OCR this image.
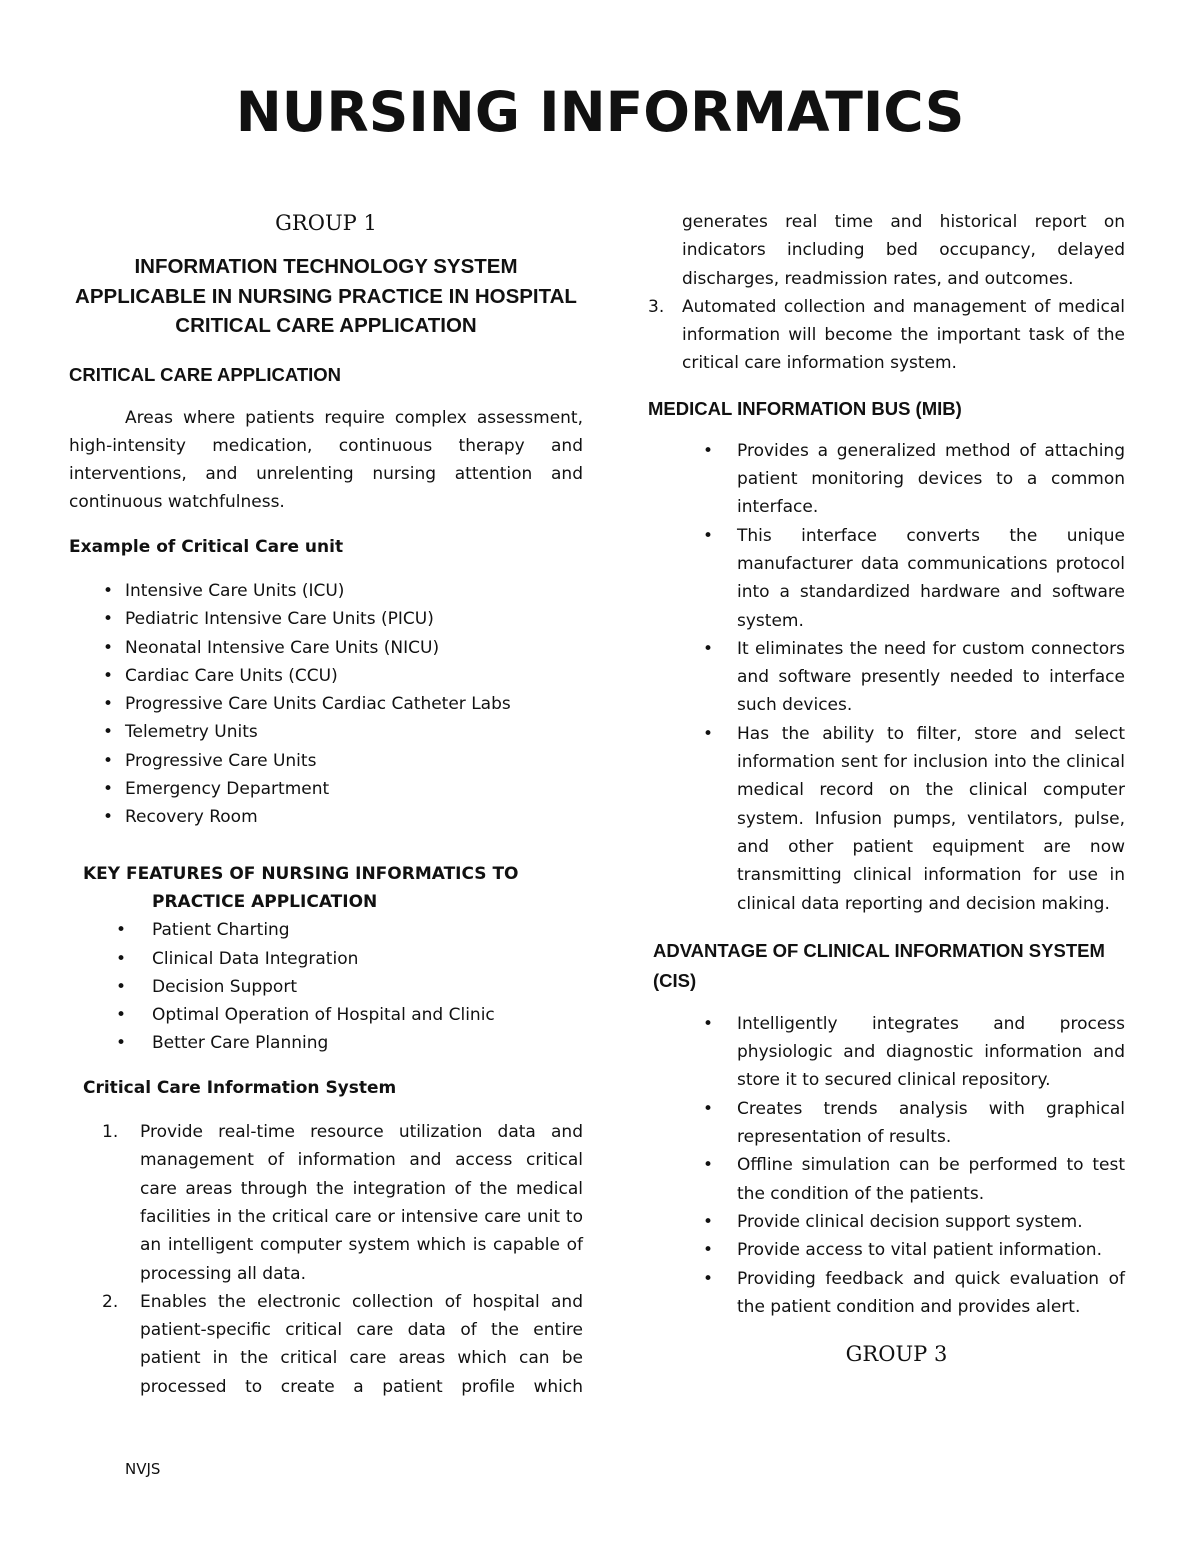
NURSING INFORMATICS

GROUP 1

INFORMATION TECHNOLOGY SYSTEM APPLICABLE IN NURSING PRACTICE IN HOSPITAL CRITICAL CARE APPLICATION

CRITICAL CARE APPLICATION

Areas where patients require complex assessment, high-intensity medication, continuous therapy and interventions, and unrelenting nursing attention and continuous watchfulness.

Example of Critical Care unit

• Intensive Care Units (ICU)
• Pediatric Intensive Care Units (PICU)
• Neonatal Intensive Care Units (NICU)
• Cardiac Care Units (CCU)
• Progressive Care Units Cardiac Catheter Labs
• Telemetry Units
• Progressive Care Units
• Emergency Department
• Recovery Room

KEY FEATURES OF NURSING INFORMATICS TO PRACTICE APPLICATION

• Patient Charting
• Clinical Data Integration
• Decision Support
• Optimal Operation of Hospital and Clinic
• Better Care Planning

Critical Care Information System

1. Provide real-time resource utilization data and management of information and access critical care areas through the integration of the medical facilities in the critical care or intensive care unit to an intelligent computer system which is capable of processing all data.
2. Enables the electronic collection of hospital and patient-specific critical care data of the entire patient in the critical care areas which can be processed to create a patient profile which

generates real time and historical report on indicators including bed occupancy, delayed discharges, readmission rates, and outcomes.

3. Automated collection and management of medical information will become the important task of the critical care information system.

MEDICAL INFORMATION BUS (MIB)

• Provides a generalized method of attaching patient monitoring devices to a common interface.
• This interface converts the unique manufacturer data communications protocol into a standardized hardware and software system.
• It eliminates the need for custom connectors and software presently needed to interface such devices.
• Has the ability to filter, store and select information sent for inclusion into the clinical medical record on the clinical computer system. Infusion pumps, ventilators, pulse, and other patient equipment are now transmitting clinical information for use in clinical data reporting and decision making.

ADVANTAGE OF CLINICAL INFORMATION SYSTEM (CIS)

• Intelligently integrates and process physiologic and diagnostic information and store it to secured clinical repository.
• Creates trends analysis with graphical representation of results.
• Offline simulation can be performed to test the condition of the patients.
• Provide clinical decision support system.
• Provide access to vital patient information.
• Providing feedback and quick evaluation of the patient condition and provides alert.

GROUP 3

NVJS
